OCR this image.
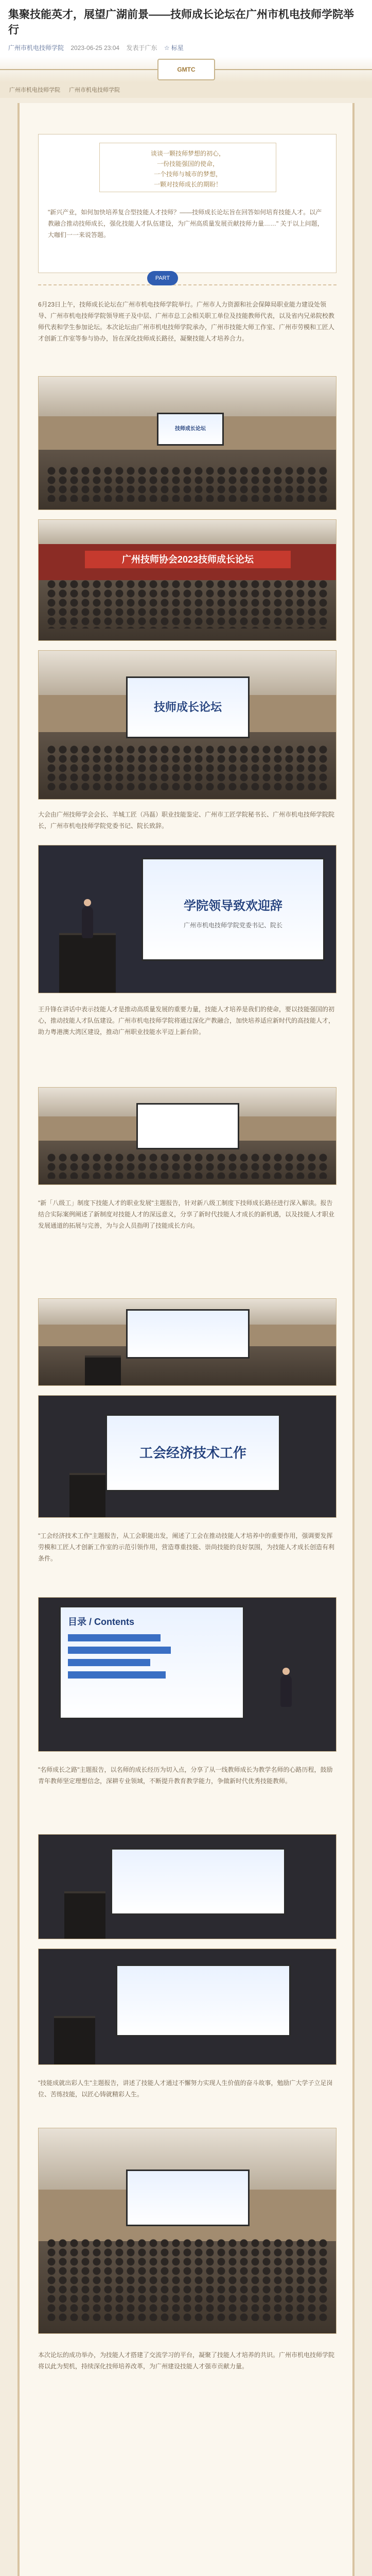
集聚技能英才，展望广湖前景——技师成长论坛在广州市机电技师学院举行
广州市机电技师学院 2023-06-25 23:04 发表于广东 ☆ 标星
GMTC
广州市机电技师学院 广州市机电技师学院
谈谈一颗技师梦想的初心，
一份技能强国的使命，
一个技师与城市的梦想，
一颗对技师成长的期盼！
"新兴产业，如何加快培养复合型技能人才技师？——技师成长论坛旨在回答如何培育技能人才。以产教融合推动技师成长，强化技能人才队伍建设，为广州高质量发展贡献技师力量……" 关于以上问题，大咖们一一来说答题。
PART
6月23日上午，技师成长论坛在广州市机电技师学院举行。广州市人力资源和社会保障局职业能力建设处领导、广州市机电技师学院领导班子及中层、广州市总工会相关职工单位及技能教师代表，以及省内兄弟院校教师代表和学生参加论坛。本次论坛由广州市机电技师学院承办，广州市技能大师工作室、广州市劳模和工匠人才创新工作室等参与协办，旨在深化技师成长路径，凝聚技能人才培养合力。
技师成长论坛
广州技师协会2023技师成长论坛
技师成长论坛
大会由广州技师学会会长、羊城工匠（冯磊）职业技能鉴定、广州市工匠学院秘书长、广州市机电技师学院院长，广州市机电技师学院党委书记、院长致辞。
学院领导致欢迎辞
广州市机电技师学院党委书记、院长
王升锋在讲话中表示技能人才是推动高质量发展的重要力量，技能人才培养是我们的使命，要以技能强国的初心，推动技能人才队伍建设。广州市机电技师学院将通过深化产教融合，加快培养适应新时代的高技能人才，助力粤港澳大湾区建设，推动广州职业技能水平迈上新台阶。
"新「八级工」制度下技能人才的职业发展"主题报告，针对新八级工制度下技师成长路径进行深入解读。报告结合实际案例阐述了新制度对技能人才的深远意义，分享了新时代技能人才成长的新机遇，以及技能人才职业发展通道的拓展与完善，为与会人员指明了技能成长方向。
工会经济技术工作
"工会经济技术工作"主题报告，从工会职能出发，阐述了工会在推动技能人才培养中的重要作用，强调要发挥劳模和工匠人才创新工作室的示范引领作用，营造尊重技能、崇尚技能的良好氛围，为技能人才成长创造有利条件。
目录 / Contents
"名师成长之路"主题报告，以名师的成长经历为切入点，分享了从一线教师成长为教学名师的心路历程，鼓励青年教师坚定理想信念，深耕专业领域，不断提升教育教学能力，争做新时代优秀技能教师。
"技能成就出彩人生"主题报告，讲述了技能人才通过不懈努力实现人生价值的奋斗故事，勉励广大学子立足岗位、苦练技能，以匠心铸就精彩人生。
本次论坛的成功举办，为技能人才搭建了交流学习的平台，凝聚了技能人才培养的共识。广州市机电技师学院将以此为契机，持续深化技师培养改革，为广州建设技能人才强市贡献力量。
